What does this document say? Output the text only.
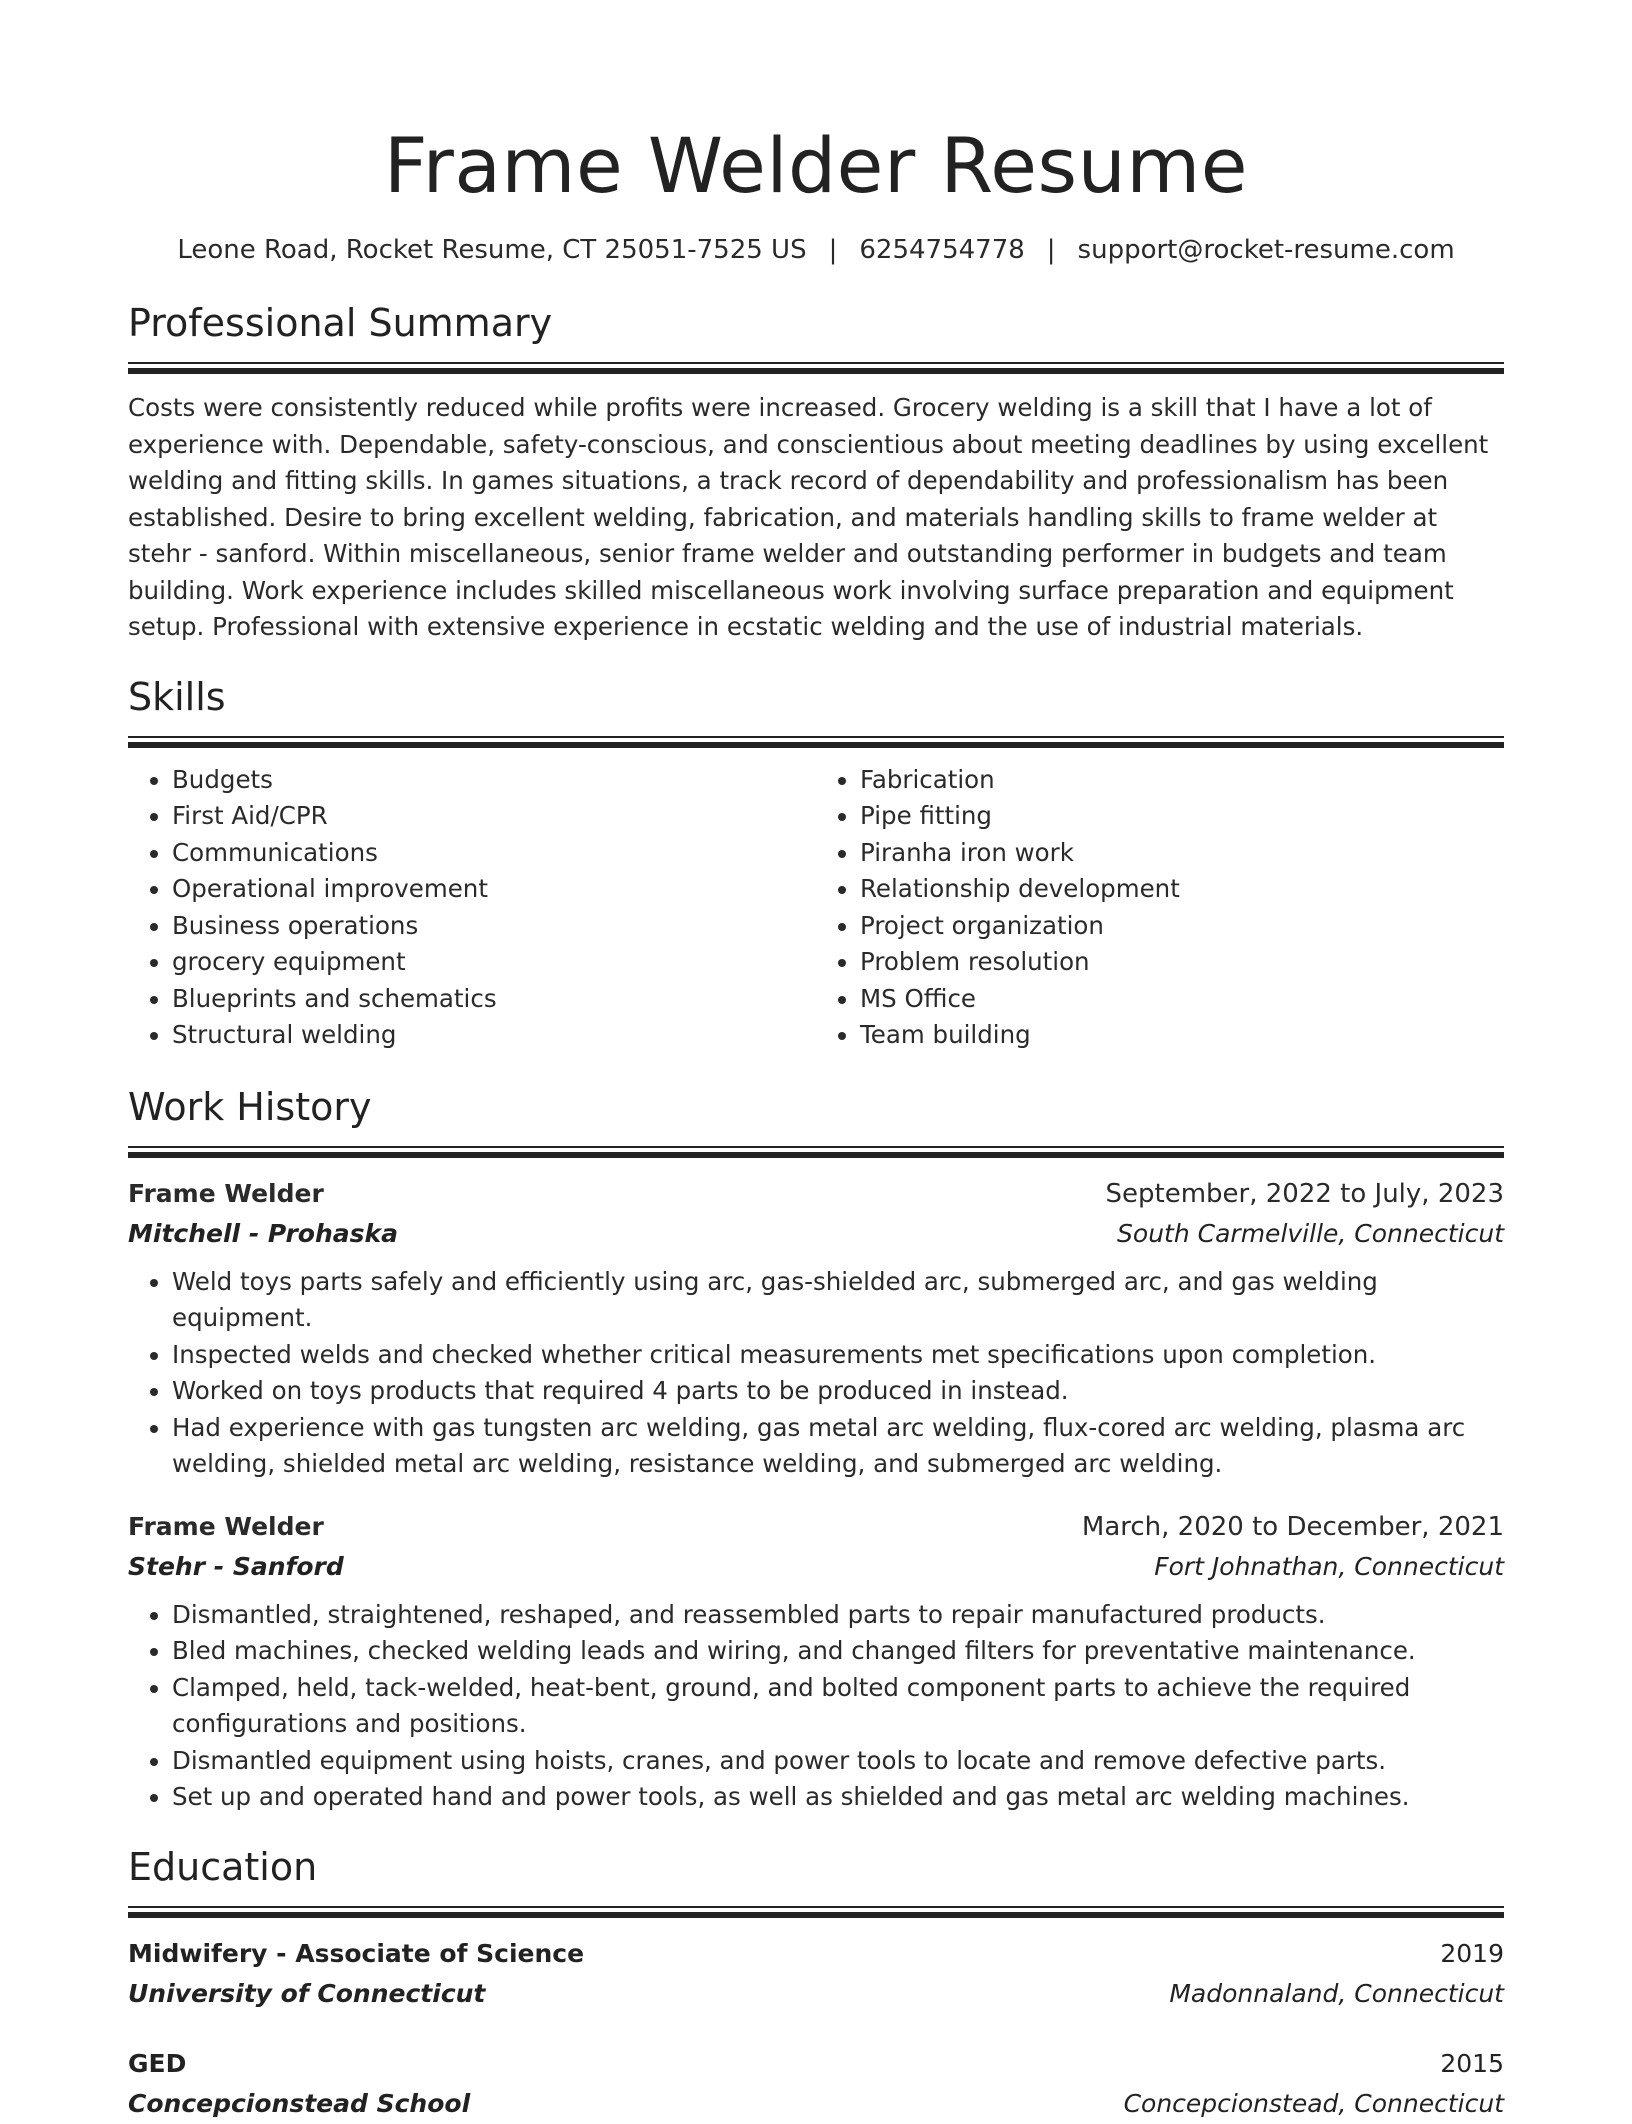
Frame Welder Resume
Leone Road, Rocket Resume, CT 25051-7525 US | 6254754778 | support@rocket-resume.com
Professional Summary
Costs were consistently reduced while profits were increased. Grocery welding is a skill that I have a lot of experience with. Dependable, safety-conscious, and conscientious about meeting deadlines by using excellent welding and fitting skills. In games situations, a track record of dependability and professionalism has been established. Desire to bring excellent welding, fabrication, and materials handling skills to frame welder at stehr - sanford. Within miscellaneous, senior frame welder and outstanding performer in budgets and team building. Work experience includes skilled miscellaneous work involving surface preparation and equipment setup. Professional with extensive experience in ecstatic welding and the use of industrial materials.
Skills
• Budgets
• First Aid/CPR
• Communications
• Operational improvement
• Business operations
• grocery equipment
• Blueprints and schematics
• Structural welding
• Fabrication
• Pipe fitting
• Piranha iron work
• Relationship development
• Project organization
• Problem resolution
• MS Office
• Team building
Work History
Frame Welder	September, 2022 to July, 2023
Mitchell - Prohaska	South Carmelville, Connecticut
• Weld toys parts safely and efficiently using arc, gas-shielded arc, submerged arc, and gas welding equipment.
• Inspected welds and checked whether critical measurements met specifications upon completion.
• Worked on toys products that required 4 parts to be produced in instead.
• Had experience with gas tungsten arc welding, gas metal arc welding, flux-cored arc welding, plasma arc welding, shielded metal arc welding, resistance welding, and submerged arc welding.
Frame Welder	March, 2020 to December, 2021
Stehr - Sanford	Fort Johnathan, Connecticut
• Dismantled, straightened, reshaped, and reassembled parts to repair manufactured products.
• Bled machines, checked welding leads and wiring, and changed filters for preventative maintenance.
• Clamped, held, tack-welded, heat-bent, ground, and bolted component parts to achieve the required configurations and positions.
• Dismantled equipment using hoists, cranes, and power tools to locate and remove defective parts.
• Set up and operated hand and power tools, as well as shielded and gas metal arc welding machines.
Education
Midwifery - Associate of Science	2019
University of Connecticut	Madonnaland, Connecticut
GED	2015
Concepcionstead School	Concepcionstead, Connecticut
